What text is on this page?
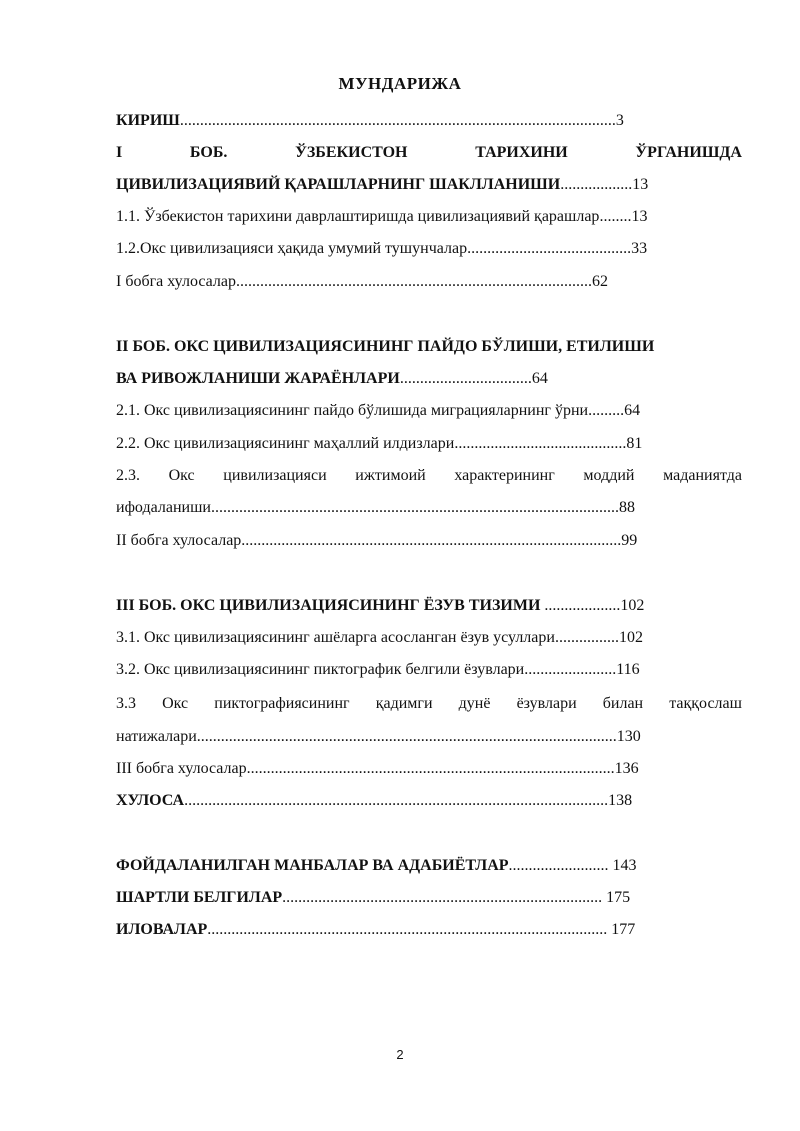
МУНДАРИЖА
КИРИШ.............................................................................................................3
I	БОБ.	ЎЗБЕКИСТОН	ТАРИХИНИ	ЎРГАНИШДА
ЦИВИЛИЗАЦИЯВИЙ ҚАРАШЛАРНИНГ ШАКЛЛАНИШИ..................13
1.1. Ўзбекистон тарихини даврлаштиришда цивилизациявий қарашлар........13
1.2.Окс цивилизацияси ҳақида умумий тушунчалар.........................................33
I бобга хулосалар.........................................................................................62
II БОБ. ОКС ЦИВИЛИЗАЦИЯСИНИНГ ПАЙДО БЎЛИШИ, ЕТИЛИШИ
ВА РИВОЖЛАНИШИ ЖАРАЁНЛАРИ.................................64
2.1. Окс цивилизациясининг пайдо бўлишида миграцияларнинг ўрни.........64
2.2. Окс цивилизациясининг маҳаллий илдизлари...........................................81
2.3. Окс цивилизацияси ижтимоий характерининг моддий маданиятда
ифодаланиши......................................................................................................88
II бобга хулосалар...............................................................................................99
III БОБ. ОКС ЦИВИЛИЗАЦИЯСИНИНГ ЁЗУВ ТИЗИМИ ...................102
3.1. Окс цивилизациясининг ашёларга асосланган ёзув усуллари................102
3.2. Окс цивилизациясининг пиктографик белгили ёзувлари.......................116
3.3 Окс пиктографиясининг қадимги дунё ёзувлари билан таққослаш
натижалари.........................................................................................................130
III бобга хулосалар............................................................................................136
ХУЛОСА..........................................................................................................138
ФОЙДАЛАНИЛГАН МАНБАЛАР ВА АДАБИЁТЛАР......................... 143
ШАРТЛИ БЕЛГИЛАР................................................................................ 175
ИЛОВАЛАР.................................................................................................... 177
2
